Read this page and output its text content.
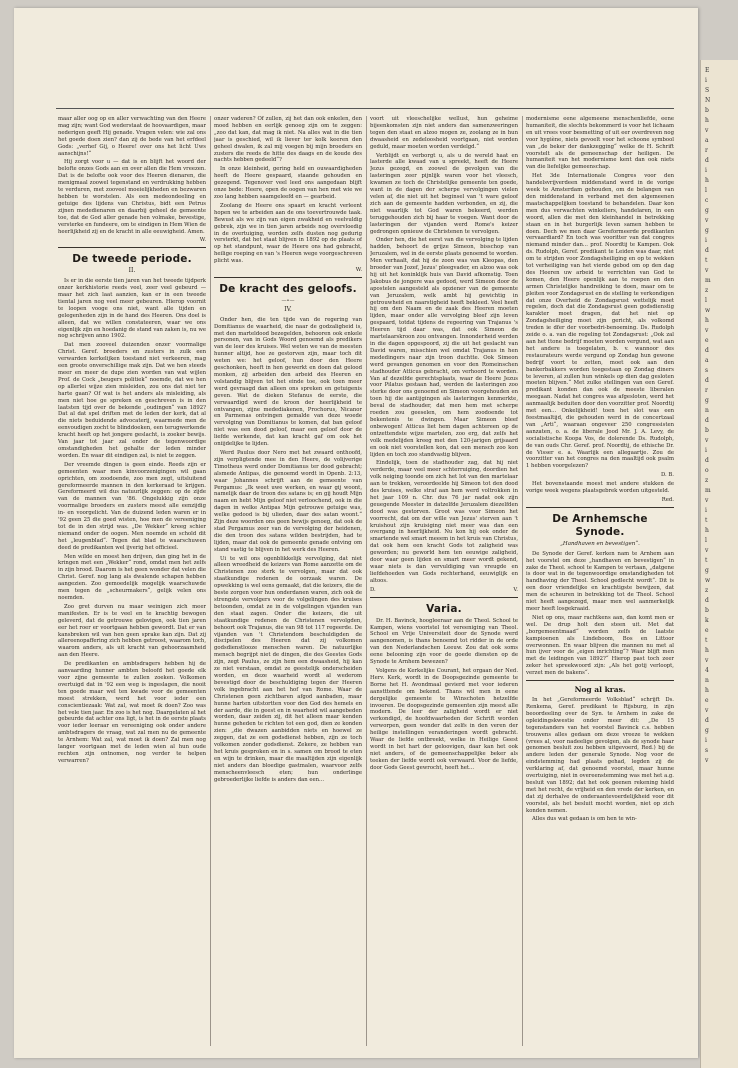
maar aller oog op en aller verwachting van den Heere mag zijn; want God wederstaat de hoovaardigen, maar nederigen geeft Hij genade. Vragen velen: wie zal ons het goede doen zien? dan zij de bede van het erfdeel Gods: „verhef Gij, o Heere! over ons het licht Uws aanschijns!“

Hij zorgt voor u — dat is en blijft het woord der belofte onzes Gods aan en over allen die Hem vreezen. Dat is de belofte ook voor des Heeren dienaren, die menigmaal zoowel tegenstand en verdrukking hebben te verduren, met zooveel moeielijkheden en bezwaren hebben te worstelen. Als een medeondeeling en getuige des lijdens van Christus, bidt een Petrus zijnen mededienaren en daarbij geheel de gemeente toe, dat de God aller genade hen volmake, bevestige, versterke en fundeere, om te eindigen in Hem Wien de heerlijkheid zij en de kracht in alle eeuwigheid. Amen.

W.
De tweede periode.
II.

Is er in die eerste tien jaren van het tweede tijdperk onzer kerkhistorie reeds veel, zeer veel gebeurd — maar het zich laat aanzien, kan er in een tweede tiental jaren nog veel meer gebeuren. Hierop voornit te loopen vooge ons niet, want alle tijden en gelegenheden zijn in de hand des Heeren. Ons doel is alleen, dat we willen constateeren, waar we ons eigenlijk zijn en hoedanig de stand van zaken is, nu we nog schrijven anno 1902.

Dat men zooveel duizenden onzer voormalige Christ. Geref. broeders en zusters in zulk een verwarden kerkelijken toestand niet verkeeren, mag een groote onverschillige mak zijn. Dat we hen steeds meer en meer de dupe zien worden van wat wijlen Prof. de Cock „beugers politiek“ noemde, dat we hen op allerlei wijze zien misleiden, zou ons dat niet ter harte gaan? Of wat is het anders als misleiding, als men niet hoe ge spreken en geschreven is in den laatsten tijd over de bekende „oudingen“ van 1892? Dat al dat spel driften met de leden der kerk, dat al die niets beduidende advocaterij, waarmede men de eenvoudigen zocht te blinddoeken, een terugwerkende kracht heeft op het jongere geslacht, is zoeker bewijs. Van jaar tot jaar zal onder de tegenwoordige omstandigheden het gehalte der leden minder worden. En waar dit eindigen zal, is niet te zeggen.

Der vreemde dingen is geen einde. Reeds zijn er gemeenten waar men kinvoorzenigingen wil gaan oprichten, om zoodoende, zoo men zegt, uitsluitend gereformeerde mannen in den kerkeraad te krijgen. Gereformeerd wil dus natuurlijk zeggen: op de zijde van de mannen van '86. Ongelukkig zijn onze voormalige broeders en zusters meest alle eenzijdig in- en voorgelicht. Van de duizend leden waren er in '92 geen 25 die goed wisten, hoe men de vereeniging tot de in den strijd was. „De Wekker“ kreeg schier niemand onder de oogen. Men noemde en schold dit het „leugenblad“. Tegen dat blad te waarschuwen deed de predikanten wel ijverig het officieel.

Men wilde en moest hen drijven, dan ging het in de kringen met een „Wekker“ rond, omdat men het zelfs in zijn brood. Daarom is het geen wonder dat velen die Christ. Geref. nog lang als dwalende schapen hebben aangezien. Zoo gemoedelijk mogelijk waarschuwde men tegen de „scheurmakers“, gelijk velen ons noemden.

Zoo gret durven nu maar weinigen zich meer manifesten. Er is te veel en te krachtig bewogen geleverd, dat de getrouwe gelovigen, ook tien jaren eer het roer er voortgaan hebben gewordt. Dat er van kansbreken wil van hen geen sprake kan zijn. Dat zij allereenopaffering zich hebben getroost, waarom toch, waarom anders, als uit kracht van gehoorzaamheid aan den Heere.

De predikanten en ambtsdragers hebben hij de aanvaarding hunner ambten beloofd het goede elk voor zijne gemeente te zullen zoeken. Volkomen overtuigd dat in '92 een weg is ingeslagen, die nooit ten goede maar wel ten kwade voor de gemeenten moest strekken, werd het voor ieder een conscientiezaak: Wat zal, wat moet ik doen? Zoo was het vele tien jaar. En zoo is het nog. Daargelaten al het gebeurde dat achter ons ligt, is het in de eerste plaats voor ieder leeraar en vereeniging ook onder andere ambtsdragers de vraag, wat zal men nu de gemeente te Arnhem: Wat zal, wat moet ik doen? Zal men nog langer voortgaan met de leden wien al hun oude rechten zijn ontnomen, nog verder te helpen verwarren?

onzer vaderen? Of zullen, zij het dan ook enkelen, den moed hebben en eerlijk genoeg zijn om te zeggen: „zoo dat kan, dat mag ik niet. Na alles wat in die tien jaar is geschied, wil ik liever ter kolk keeren den geheel dwalen, ik zal mij voegen bij mijn broeders en zusters die reeds de hitte des daags en de koude des nachts hebben gedeeld“?

In onze kleinheid, gering held en ouwaardigheden heeft de Heere gespaard, staande gehouden en gezegend. Tegenover veel leed ons aangedaan blijft onze bede: Heere, open de oogen van hen met wie we zoo lang hebben saamgeleefd en — gearbeid.

Zoolang de Heere ons spaart en kracht verleent hopen we te arbeiden aan de ons toevertrouwde taak. Bewust als we zijn van eigen zwakheid en veelvuldig gebrek, zijn we in tien jaren arbeids nog overvloedig in de overtuiging, worden zelfs dusten nog gedurig versterkt, dat het staat blijven in 1892 op de plaats of op het standpunt, waar de Heere ons had gebracht, heilige roeping en van 's Heeren wege voorgeschreven plicht was.

W.
De kracht des geloofs.
—•—
IV.

Onder hen, die ten tijde van de regering van Domitianus de waarheid, die naar de godzaligheid is, met den marteldood bezegelden, behooren ook enkele personen, van in Gods Woord genoemd als predikers van de leer des kruises. Wel weten we van de meesten hunner altijd, hoe ze gestorven zijn, maar toch dit weten we: het geloof, hun door den Heere geschonken, heeft in hen gewerkt en doen dat gelood monken, zij arbeiden den arbeid des Heeren en volstandig blijven tot het einde toe, ook toen meer werd gevraagd dan alleen ons spreken en getuigenis geven. Wat de dieken Stefanus de eerste, die verwaardigd werd de kroon der heerlijkheid te ontvangen, zijne medediakenen, Prochorus, Nicanor en Parmenas ontvingen gemalde van deze woede vervolging van Domitianus te komen, dat ban geloof niet was een dood geloof, maar een geloof door de liefde werkende, dat kan kracht gaf om ook het oniijdelijke te lijden.

Werd Paulus door Nero met het zwaard onthoofd, zijn verpligtende mee in den Heere, de volijverige Timotheus werd onder Domitianus ter dood gebracht; alsmede Antipas, die genoemd wordt in Openb. 2:13, waar Johannes schrijft aan de gemeente van Pergamus: „Ik weet uwe werken, en waar gij woont, namelijk daar de troon des satans is; en gij houdt Mijn naam en hebt Mijn geloof niet verloochend, ook in die dagen in welke Antipas Mijn getrouwe getuige was, welke gedood is bij ulieden, daar des satan woont.“ Zijn deze woorden ons geen bewijs genoeg, dat ook de stad Pergamus zeer van de vervolging der heidenen, die den troon des satans wilden bestrijden, had te lijden, maar dat ook de gemeente genade ontving om stand vastig te blijven in het werk des Heeren.

Ui te wil ons ogenblikkelijk vervolging, dat niet alleen wreedheid de keizers van Rome aanzette om de Christenen zoo sterk te vervolgen, maar dat ook staatkundige redenen de oorzaak waren. De opwekking is wel eens gemaakt, dat die keizers, die de beste zorgen voor hun onderdanen waren, zich ook de strengste vervolgers voor de volgelingen des kruises betoonden, omdat ze in de volgelingen vijanden van den staat zagen. Onder die keizers, die uit staatkundige redenen de Christenen vervolgden, behoort ook Trajanus, die van 98 tot 117 regeerde. De vijanden van 't Christendom beschuldigden de discipelen des Heeren dat zij volkomen godsdienstlooze menschen waren. De natuurlijke mensch begrijpt niet de dingen, die des Geestes Gods zijn, zegt Paulus, ze zijn hem een dwaasheid, hij kan ze niet verstaan, omdat ze geestelijk onderscheiden worden, en deze waarheid wordt al wederom bevestigd door de beschuldiging tegen der Heeren volk ingebracht aan het hof van Rome. Waar de Christenen geen zichtbaren afgod aanbaden, maar hunne harten uitstortten voor den God des hemels en der aarde, die in geest en in waarheid wil aangebeden worden, daar zeiden zij, dit het alleen maar kenden hunne geheden te richten tot een god, dien ze konden zien: „die dwazen aanbidden niets en hoewel ze zeggen, dat ze een godsdienst hebben, zijn ze toch volkomen zonder godsdienst. Zekere, ze hebben van het kruis gesproken en in s. samen om brood te eten en wijn te drinken, maar die maaltijden zijn eigenlijk niet anders dan bloedige gastmalen, waarvoor zelfs menscheenvleesch eten; hun onderlinge gebroederlijke liefde is anders dan een...

voort uit vleeschelijke wellust, hun geheime bijeenkomsten zijn niet anders dan samenzweringen tegen den staat en alzoo mogen ze, zoolang ze in hun dwaasheid en zedeloosheid voortgaan, niet worden geduld, maar moeten worden verdelgd.“

Verblijdt en verborgt u, als u de wereld haat en lasterde alle kwaad van u spreekt, heeft de Heere Jezus gezegd, en zoowel de gevolgen van die lasteringen zeer pijnlijk waren voor het vleesch, kwamen ze toch de Christelijke gemeente ten goede, want in de dagen der scherpe vervolgingen vielen velen af, die niet uit het beginsel van 't ware geloof zich aan de gemeente hadden verbonden, en zij, die niet waarlijk tot God waren bekeerd, werden teruggehouden zich bij haar te voegen. Want door de lasteringen der vijanden werd Rome's keizer gedrongen opnieuw de Christenen te vervolgen.

Onder hen, die het eerst van die vervolging te lijden hadden, behoort de grijze Simeon, bisschop van Jeruzalem, wel in de eerste plaats genoemd te worden. Men verhaalt, dat hij de zoon was van Kleopas, den broeder van Jozef, Jezus' pleegvader, en alzoo was ook hij uit het koninklijk huis van David afkomstig. Toen Jakobus de jongere was gedood, werd Simeon door de apostelen aangesteld als opziener van de gemeente van Jeruzalem, welk ambt hij gewichtig in getrouwheid en naarstigheid heeft bekleed. Veel heeft hij om den Naam en de zaak des Heeren moeten lijden, maar onder alle vervolging bleef zijn leven gespaard, totdat tijdens de regeering van Trajanus 's Heeren tijd daar was, dat ook Simeon de martelaarskroon zou ontvangen. Innonderheid werden in die dagen opgespoord, zij die uit het geslacht van David waren, misschien wel omdat Trajanus in hen mededingers naar zijn troon duchtte. Ook Simeon werd gevangen genomen en voor den Romeinschen stadhouder Atticus gebracht, om verhoord te worden. Van af dezelfde gerechtsplaats, waar de Heere Jezus voor Pilatus gestaan had, werden de lasteringen zoo sterke door ons genoemd en Simeon voorgehouden en toen hij die aantijgingen als lasteringen kenmerkte, beval de stadhouder, dat men hem met scherpe roeden zou geeselen, om hem zoodoende tot bekentenis te dwingen. Maar Simeon bleef onbewogen! Atticus liet hem dagen achtereen op de ontzettendste wijze martelen, zoo erg, dat zelfs het volk medelijden kreeg met den 120-jarigen grijsaard en ook niet voorstellen kon, dat een mensch zoo kon lijden en toch zoo standvastig blijven.

Eindelijk, toen de stadhouder zag, dat hij niet verderde, maar veel meer schterruiging, doordien het volk neiging toonde om zich het lot van den martelaar aan te trekken, veroordeelde hij Simeon tot den dood des kruises, welke straf aan hem werd voltrokken in het jaar 109 n. Chr. dus 76 jar nadat ook zijn geuegende Meester in datzelfde Jeruzalem diezelfden dood was gestorven. Groot was voor Simeon het voorrecht, dat om der wille van Jezus' sterven aan 't kruishout zijn kruisiging niet meer was dan een overgang in heerlijkheid. Nu kon hij ook onder de smartende wel smart meeem in het kruis van Christus, dat ook hem een kracht Gods tot zaligheid was geworden; nu geworld hem ten eeuwige zaligheid, door waar geen lijden en smart meer wordt gekend, waar niets is dan vervuldiging van vreugde en liefdehoeden van Gods rechterhand, eeuwiglijk en altoos.

D.	V.
Varia.

Dr. H. Bavinck, hoogleeraar aan de Theol. School te Kampen, wiens vooristel tot vereeniging van Theol. School en Vrije Universiteit door de Synode werd aangenomen, is thans benoemd tot ridder in de orde van den Nederlandschen Leeuw. Zou dat ook soms eene belooning zijn voor de goede diensten op de Synode te Arnhem bewezen?

Volgens de Kerkelijke Courant, het orgaan der Ned. Herv. Kerk, wordt in de Doopsgezinde gemeente te Borne het H. Avondmaal gevierd met voor iederen aanstttende om bekend. Thans wil men in eene dergelijke gemeente te Winschoten hetzelfde invoeren. De doopsgezinde gemeenten zijn meest alle modern. De leer der zaligheid wordt er niet verkondigd, de hoofdwaarheden der Schrift worden verworpen, geen wonder dat zelfs in den veren der heilige instellingen veranderingen wordt gebracht. Waar de liefde ontbreekt, welke in Heilige Geest wordt in het hart der geloovigen, daar kan het ook niet anders, of de gemeenschappelijke beker als teeken der liefde wordt ook verwaard. Voor de liefde, door Gods Geest gewrocht, heeft het...

modernisme eene algemeene menschenliefde, eene humaniteit, die slechts bekommerd is voor het lichaam en uit vrees voor besmetting of uit eer overdreven nog voor hygiène, niets gevoelt voor het schoone symbool van „de beker der dankzegging“ welke de H. Schrift voorstelt als de gemeenschap der heiligen. De humaniteit van het modernisme kent dan ook niets van die liefelijke gemeenschap.

Het 3de Internationale Congres voor den handelsvrijverdeen middenstand werd in de vorige week te Amsterdam gehouden, om de belangen van den middenstand in verband met den algemeenen maatschappelijken toestand te behandelen. Daar kon men dus verwachten winkeliers, handelaren, in een woord, allen die met den kleinhandel in betrekking staan en in het burgerlijk leven samen hebben te doen. Dech we men daar Gereformeerde predikanten vervaardiard? En toch was vooritter van dat congres niemand minder dan... prof. Noordtij te Kampen. Ook ds. Rudolph, Geref. predikant te Leiden was daar, niet om te strijden voor Zondagsheiliging en op te wekken tot verheiliging van het vierde gebod om op den dag des Heeren uw arbeid te verrichten van God te komen, den Heere openlijk aan te roepen en den armen Christelijke handreiking te doen, maar om te pleiten voor Zondagsrust en de stelling te verkondigen dat onze Overheid de Zondagsrust wettelijk moet regelen, doch dat die Zondagsrust geen godsdienstig karakter moet dragen, dat het niet op Zondagsheiliging moet zijn gericht, als volkomd treden ie dfer der voorbedri-benoeming. Ds. Rudolph zeide o. a. van die regeling tot Zondagsrust: „Ook zal aan het ttone bedrijf moeten worden vergund, wat aan het andere is toegelaten, b. v. wannoor des restaurateurs werde vergund op Zondag hun gewone bedrijf voort te zetten, moet ook aan den bankerbakkers worden toegestaan op Zondag diners te leveren, al zullen hun winkels op dien dag gesloten moeten blijven.“ Met zulke stellingen van een Geref. predikant konden dan ook de meeste liberalen meegaan. Nadat het congres was afgesloten, werd het aanmaalijk beduiten door den voorzitter prof. Noordtij met een... Onkelijkheid! toen het slot was een feestmaaltijd, die gehouden werd in de concertzaal van „Arti“, waaraan ongeveer 250 congressisten aanzaten, o. a. de liberale Jood Mr. J. A. Levy, de socialistische Koopa Vos, de dolerende Ds. Rudolph, de van ouds Chr. Geref. prof. Noordtij, de ethische Dr. de Visser e. a. Waarlijk een allegaartje. Zou de voorzitter van het congres na den maaltijd ook psalm 1 hebben voorgelezen?

D. B.

Het bovenstaande moest met andere stukken de vorige week wegens plaatsgebrek worden uitgesteld.

Red.
De Arnhemsche Synode.
„Handhaven en bevestigen“.

De Synode der Geref. kerken nam te Arnhem aan het voorstel om deze „handhaven en bevestigen“ in zake de Theol. school te Kampen te vertaan, „datgene is door wat in de tegenwoordige omstandigheden tot handhaving der Theol. School gedlecht wordt“. Dit is een door vriendelijke en krachtigste bewijzen, dat men de scheuren in betrekking tot de Theol. School niet heeft aangezegd, maar men wel aanmerkelijk meer heeft losgekraaid.

Niet op ons, maar rachtkens aan, dan komt men er wel. De drup holt den steen uit. Met dat „borgemeentmaad“ worden zelfs de laatste kampioenen als Lindeboom, Bos en Littoor overwonnen. En waar blijven die mannen nu met al hun ijver voor de „eigen inrichting“? Waar blijft men met de leidingen van 1892?“ Hierop past toch zeer zeker het spreekwoord zijn: „Als het gotij verloopt, verzet men de bakens“.

Nog al kras.

In het „Gereformeerde Volksblad“ schrijft Ds. Renkema, Geref. predikant te Rijsburg, in zijn beoordeeling over de Syn. te Arnhem in zake de opleidingskwestie onder meer dit: „De 15 tegenstanders van het voorstel Bavinck c.s. hebben trouwens alles gedaan om deze vreeze te wekken (vrees al, voor nadeelige gevolgen, als de synode haar genomen besluit zou hebben uitgevoerd, Red.) bij de andere leden der generale Synode. Nog voor de eindstemming had plaats gehad, legden zij de verklaring af, dat genoemd voorstel, maar hunne overtuiging, niet in overeenstemming was met het a.g. besluit van 1892; dat het ook geenen rekening hield met het recht, de vrijheid en den vrede der kerken, en dat zij derhalve de onderaantevoerdelijkheid voor dit voorstel, als het besluit mocht worden, niet op zich konden nemen.

Alles dus wat gedaan is om hen te win-

E
i
S
N
b
h
v
a
r
d
i
h
l
c
g
v
g
i
d
t
v
m
z
l
w
h
v
e
d
a
s
d
r
g
n
d
b
v
i
d
o
z
m
v
i
t
h
l
v
t
g
w
z
d
b
k
e
t
h
v
4
n
h
e
v
d
g
i
s
v
